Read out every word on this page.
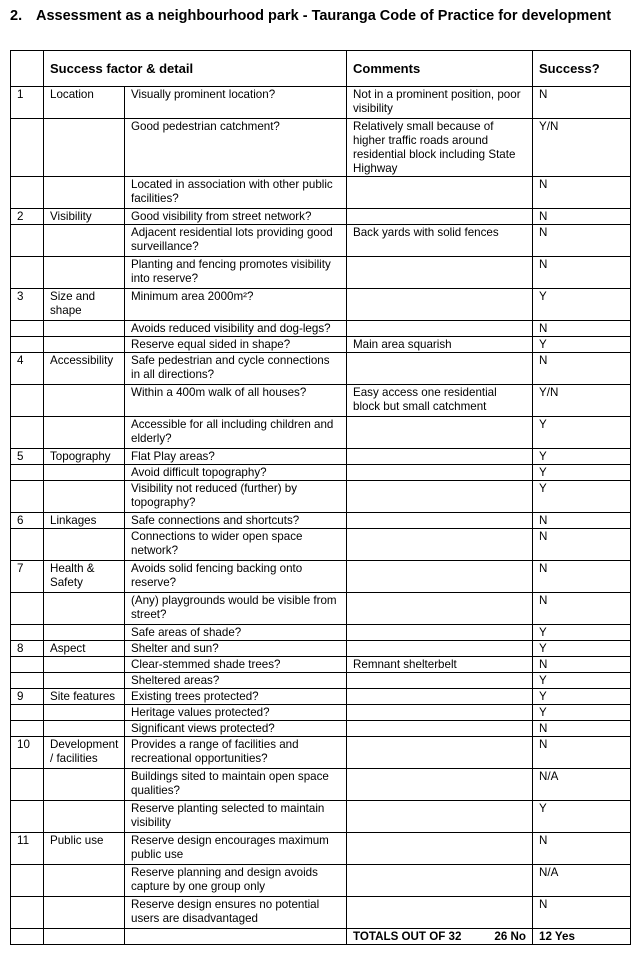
2. Assessment as a neighbourhood park - Tauranga Code of Practice for development
	Success factor & detail		Comments	Success?
1	Location	Visually prominent location?	Not in a prominent position, poor visibility	N
		Good pedestrian catchment?	Relatively small because of higher traffic roads around residential block including State Highway	Y/N
		Located in association with other public facilities?		N
2	Visibility	Good visibility from street network?		N
		Adjacent residential lots providing good surveillance?	Back yards with solid fences	N
		Planting and fencing promotes visibility into reserve?		N
3	Size and shape	Minimum area 2000m²?		Y
		Avoids reduced visibility and dog-legs?		N
		Reserve equal sided in shape?	Main area squarish	Y
4	Accessibility	Safe pedestrian and cycle connections in all directions?		N
		Within a 400m walk of all houses?	Easy access one residential block but small catchment	Y/N
		Accessible for all including children and elderly?		Y
5	Topography	Flat Play areas?		Y
		Avoid difficult topography?		Y
		Visibility not reduced (further) by topography?		Y
6	Linkages	Safe connections and shortcuts?		N
		Connections to wider open space network?		N
7	Health & Safety	Avoids solid fencing backing onto reserve?		N
		(Any) playgrounds would be visible from street?		N
		Safe areas of shade?		Y
8	Aspect	Shelter and sun?		Y
		Clear-stemmed shade trees?	Remnant shelterbelt	N
		Sheltered areas?		Y
9	Site features	Existing trees protected?		Y
		Heritage values protected?		Y
		Significant views protected?		N
10	Development / facilities	Provides a range of facilities and recreational opportunities?		N
		Buildings sited to maintain open space qualities?		N/A
		Reserve planting selected to maintain visibility		Y
11	Public use	Reserve design encourages maximum public use		N
		Reserve planning and design avoids capture by one group only		N/A
		Reserve design ensures no potential users are disadvantaged		N
			TOTALS OUT OF 32 26 No	12 Yes
